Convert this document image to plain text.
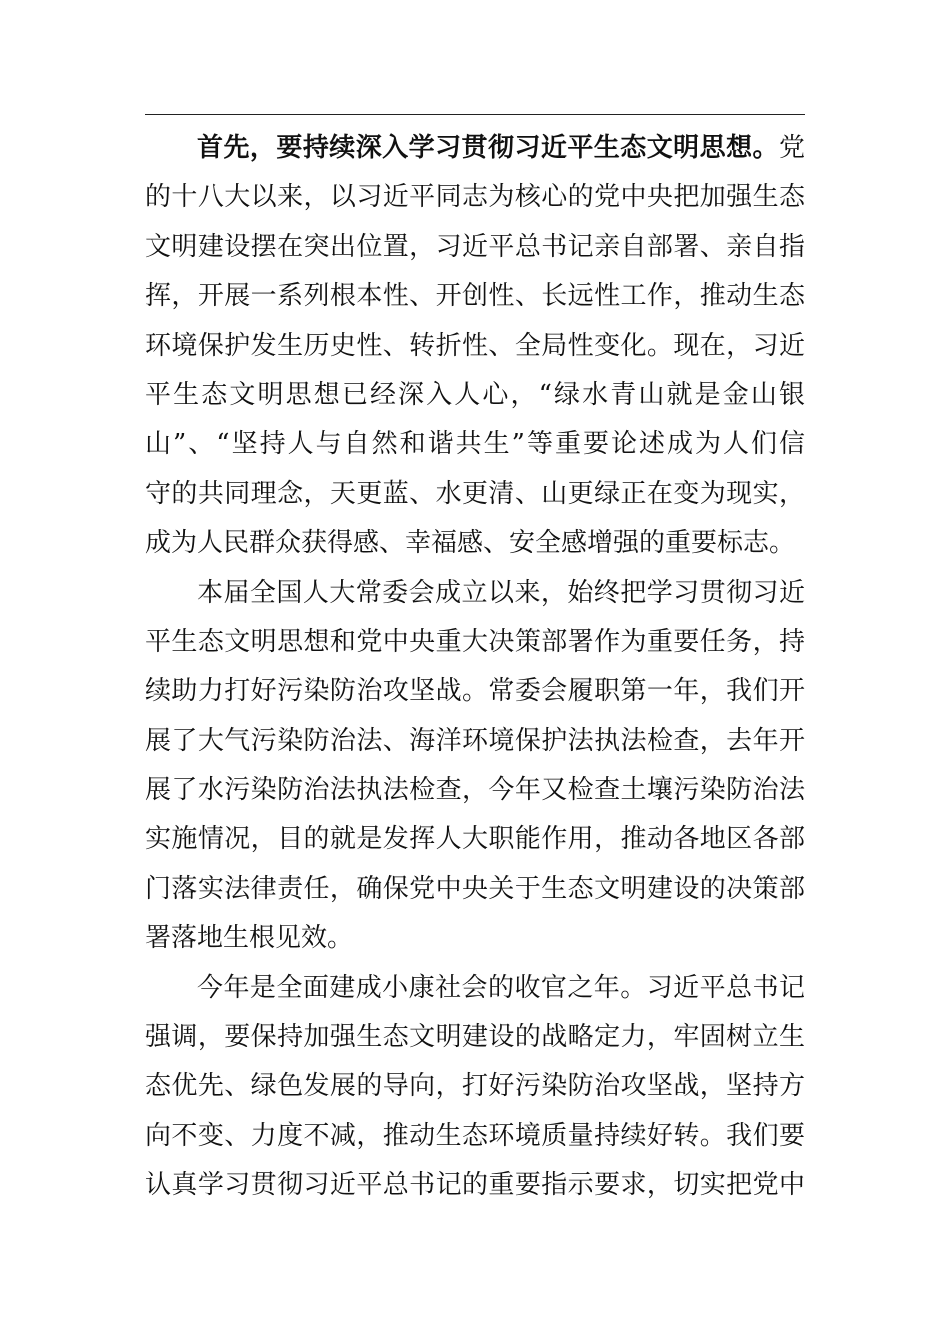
首先，要持续深入学习贯彻习近平生态文明思想。党
的十八大以来，以习近平同志为核心的党中央把加强生态
文明建设摆在突出位置，习近平总书记亲自部署、亲自指
挥，开展一系列根本性、开创性、长远性工作，推动生态
环境保护发生历史性、转折性、全局性变化。现在，习近
平生态文明思想已经深入人心，“绿水青山就是金山银
山”、“坚持人与自然和谐共生”等重要论述成为人们信
守的共同理念，天更蓝、水更清、山更绿正在变为现实，
成为人民群众获得感、幸福感、安全感增强的重要标志。
本届全国人大常委会成立以来，始终把学习贯彻习近
平生态文明思想和党中央重大决策部署作为重要任务，持
续助力打好污染防治攻坚战。常委会履职第一年，我们开
展了大气污染防治法、海洋环境保护法执法检查，去年开
展了水污染防治法执法检查，今年又检查土壤污染防治法
实施情况，目的就是发挥人大职能作用，推动各地区各部
门落实法律责任，确保党中央关于生态文明建设的决策部
署落地生根见效。
今年是全面建成小康社会的收官之年。习近平总书记
强调，要保持加强生态文明建设的战略定力，牢固树立生
态优先、绿色发展的导向，打好污染防治攻坚战，坚持方
向不变、力度不减，推动生态环境质量持续好转。我们要
认真学习贯彻习近平总书记的重要指示要求，切实把党中
